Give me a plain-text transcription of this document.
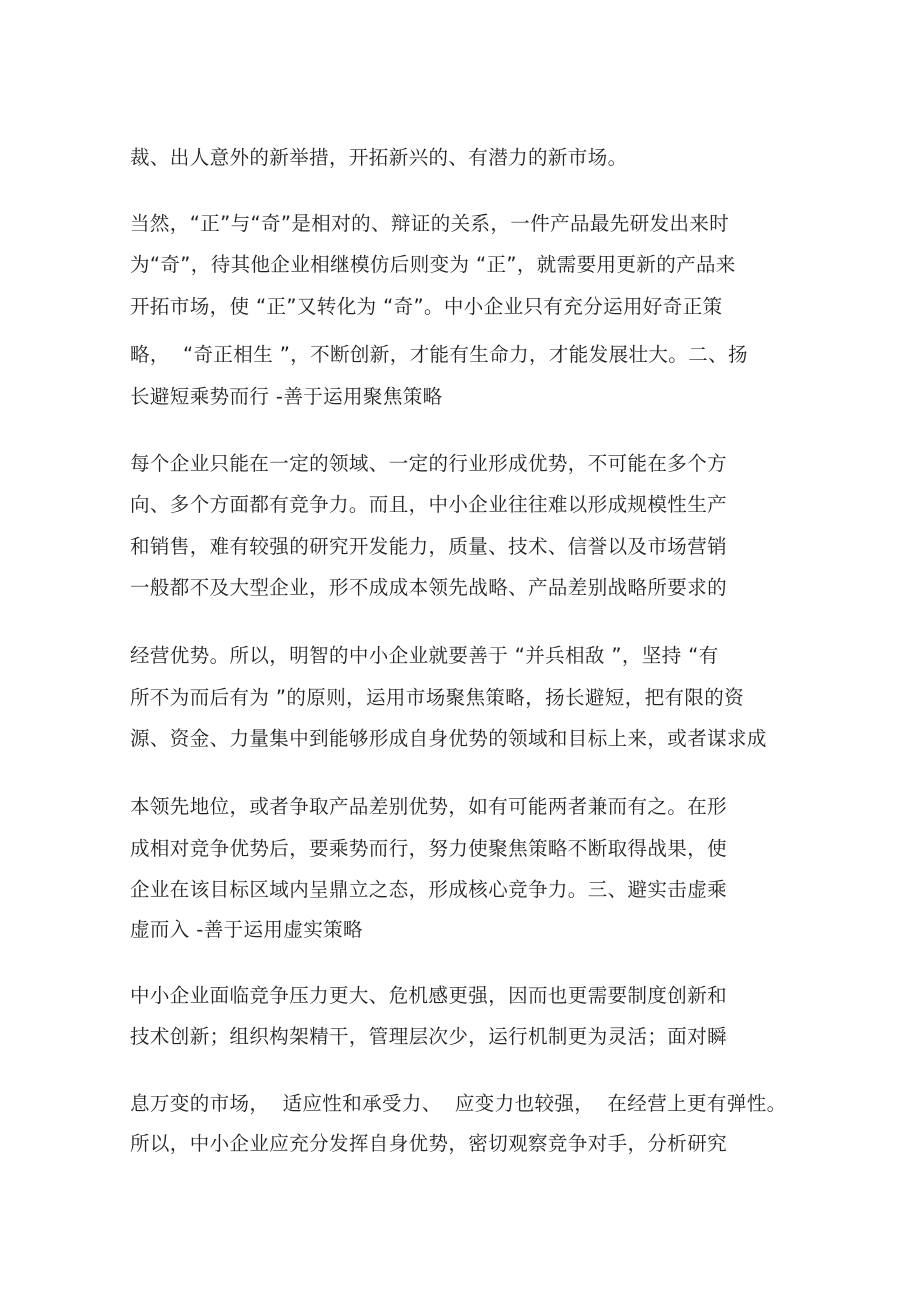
裁、出人意外的新举措，开拓新兴的、有潜力的新市场。

当然，“正”与“奇”是相对的、辩证的关系，一件产品最先研发出来时

为“奇”，待其他企业相继模仿后则变为 “正”，就需要用更新的产品来

开拓市场，使 “正”又转化为 “奇”。中小企业只有充分运用好奇正策

略，  “奇正相生 ”，不断创新，才能有生命力，才能发展壮大。二、扬

长避短乘势而行 -善于运用聚焦策略

每个企业只能在一定的领域、一定的行业形成优势，不可能在多个方

向、多个方面都有竞争力。而且，中小企业往往难以形成规模性生产

和销售，难有较强的研究开发能力，质量、技术、信誉以及市场营销

一般都不及大型企业，形不成成本领先战略、产品差别战略所要求的

经营优势。所以，明智的中小企业就要善于 “并兵相敌 ”，坚持 “有

所不为而后有为 ”的原则，运用市场聚焦策略，扬长避短，把有限的资

源、资金、力量集中到能够形成自身优势的领域和目标上来，或者谋求成

本领先地位，或者争取产品差别优势，如有可能两者兼而有之。在形

成相对竞争优势后，要乘势而行，努力使聚焦策略不断取得战果，使

企业在该目标区域内呈鼎立之态，形成核心竞争力。三、避实击虚乘

虚而入 -善于运用虚实策略

中小企业面临竞争压力更大、危机感更强，因而也更需要制度创新和

技术创新；组织构架精干，管理层次少，运行机制更为灵活；面对瞬

息万变的市场，  适应性和承受力、  应变力也较强，  在经营上更有弹性。

所以，中小企业应充分发挥自身优势，密切观察竞争对手，分析研究
